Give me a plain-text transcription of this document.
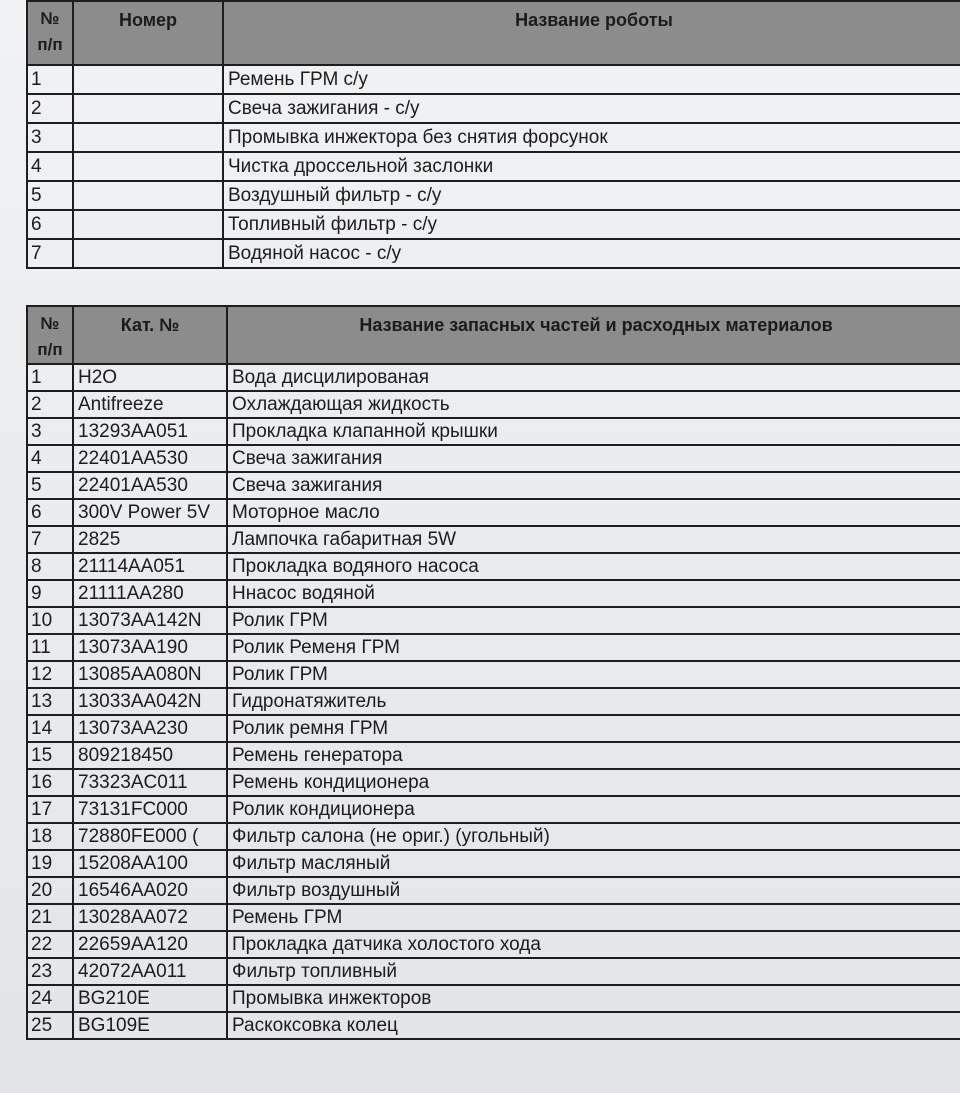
№
п/п	Номер	Название роботы
1		Ремень ГРМ с/у
2		Свеча зажигания - с/у
3		Промывка инжектора без снятия форсунок
4		Чистка дроссельной заслонки
5		Воздушный фильтр - с/у
6		Топливный фильтр - с/у
7		Водяной насос - с/у
№
п/п	Кат. №	Название запасных частей и расходных материалов
1	H2O	Вода дисцилированая
2	Antifreeze	Охлаждающая жидкость
3	13293AA051	Прокладка клапанной крышки
4	22401AA530	Свеча зажигания
5	22401AA530	Свеча зажигания
6	300V Power 5V	Моторное масло
7	2825	Лампочка габаритная 5W
8	21114AA051	Прокладка водяного насоса
9	21111AA280	Ннасос водяной
10	13073AA142N	Ролик ГРМ
11	13073AA190	Ролик Ременя ГРМ
12	13085AA080N	Ролик ГРМ
13	13033AA042N	Гидронатяжитель
14	13073AA230	Ролик ремня ГРМ
15	809218450	Ремень генератора
16	73323AC011	Ремень кондиционера
17	73131FC000	Ролик кондиционера
18	72880FE000 (	Фильтр салона (не ориг.) (угольный)
19	15208AA100	Фильтр масляный
20	16546AA020	Фильтр воздушный
21	13028AA072	Ремень ГРМ
22	22659AA120	Прокладка датчика холостого хода
23	42072AA011	Фильтр топливный
24	BG210E	Промывка инжекторов
25	BG109E	Раскоксовка колец
